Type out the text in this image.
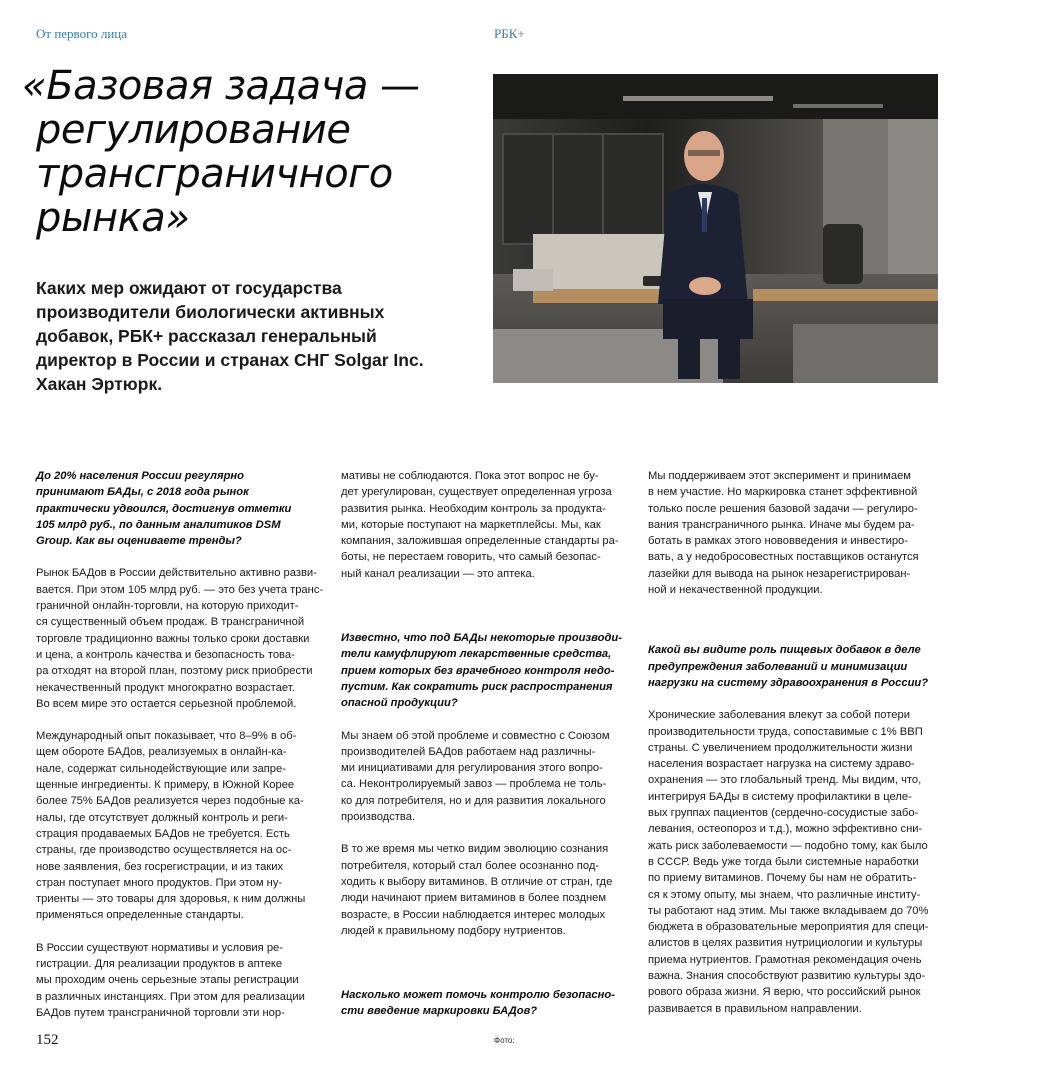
От первого лица	РБК+
«Базовая задача —
регулирование
трансграничного
рынка»

Каких мер ожидают от государства
производители биологически активных
добавок, РБК+ рассказал генеральный
директор в России и странах СНГ Solgar Inc.
Хакан Эртюрк.

До 20% населения России регулярно
принимают БАДы, с 2018 года рынок
практически удвоился, достигнув отметки
105 млрд руб., по данным аналитиков DSM
Group. Как вы оцениваете тренды?
Рынок БАДов в России действительно активно разви-
вается. При этом 105 млрд руб. — это без учета транс-
граничной онлайн-торговли, на которую приходит-
ся существенный объем продаж. В трансграничной
торговле традиционно важны только сроки доставки
и цена, а контроль качества и безопасность това-
ра отходят на второй план, поэтому риск приобрести
некачественный продукт многократно возрастает.
Во всем мире это остается серьезной проблемой.
Международный опыт показывает, что 8–9% в об-
щем обороте БАДов, реализуемых в онлайн-ка-
нале, содержат сильнодействующие или запре-
щенные ингредиенты. К примеру, в Южной Корее
более 75% БАДов реализуется через подобные ка-
налы, где отсутствует должный контроль и реги-
страция продаваемых БАДов не требуется. Есть
страны, где производство осуществляется на ос-
нове заявления, без госрегистрации, и из таких
стран поступает много продуктов. При этом ну-
триенты — это товары для здоровья, к ним должны
применяться определенные стандарты.
В России существуют нормативы и условия ре-
гистрации. Для реализации продуктов в аптеке
мы проходим очень серьезные этапы регистрации
в различных инстанциях. При этом для реализации
БАДов путем трансграничной торговли эти нор-
мативы не соблюдаются. Пока этот вопрос не бу-
дет урегулирован, существует определенная угроза
развития рынка. Необходим контроль за продукта-
ми, которые поступают на маркетплейсы. Мы, как
компания, заложившая определенные стандарты ра-
боты, не перестаем говорить, что самый безопас-
ный канал реализации — это аптека.
Известно, что под БАДы некоторые производи-
тели камуфлируют лекарственные средства,
прием которых без врачебного контроля недо-
пустим. Как сократить риск распространения
опасной продукции?
Мы знаем об этой проблеме и совместно с Союзом
производителей БАДов работаем над различны-
ми инициативами для регулирования этого вопро-
са. Неконтролируемый завоз — проблема не толь-
ко для потребителя, но и для развития локального
производства.
В то же время мы четко видим эволюцию сознания
потребителя, который стал более осознанно под-
ходить к выбору витаминов. В отличие от стран, где
люди начинают прием витаминов в более позднем
возрасте, в России наблюдается интерес молодых
людей к правильному подбору нутриентов.
Насколько может помочь контролю безопасно-
сти введение маркировки БАДов?
Мы поддерживаем этот эксперимент и принимаем
в нем участие. Но маркировка станет эффективной
только после решения базовой задачи — регулиро-
вания трансграничного рынка. Иначе мы будем ра-
ботать в рамках этого нововведения и инвестиро-
вать, а у недобросовестных поставщиков останутся
лазейки для вывода на рынок незарегистрирован-
ной и некачественной продукции.
Какой вы видите роль пищевых добавок в деле
предупреждения заболеваний и минимизации
нагрузки на систему здравоохранения в России?
Хронические заболевания влекут за собой потери
производительности труда, сопоставимые с 1% ВВП
страны. С увеличением продолжительности жизни
населения возрастает нагрузка на систему здраво-
охранения — это глобальный тренд. Мы видим, что,
интегрируя БАДы в систему профилактики в целе-
вых группах пациентов (сердечно-сосудистые забо-
левания, остеопороз и т.д.), можно эффективно сни-
жать риск заболеваемости — подобно тому, как было
в СССР. Ведь уже тогда были системные наработки
по приему витаминов. Почему бы нам не обратить-
ся к этому опыту, мы знаем, что различные институ-
ты работают над этим. Мы также вкладываем до 70%
бюджета в образовательные мероприятия для специ-
алистов в целях развития нутрициологии и культуры
приема нутриентов. Грамотная рекомендация очень
важна. Знания способствуют развитию культуры здо-
рового образа жизни. Я верю, что российский рынок
развивается в правильном направлении.
152	Фото:
